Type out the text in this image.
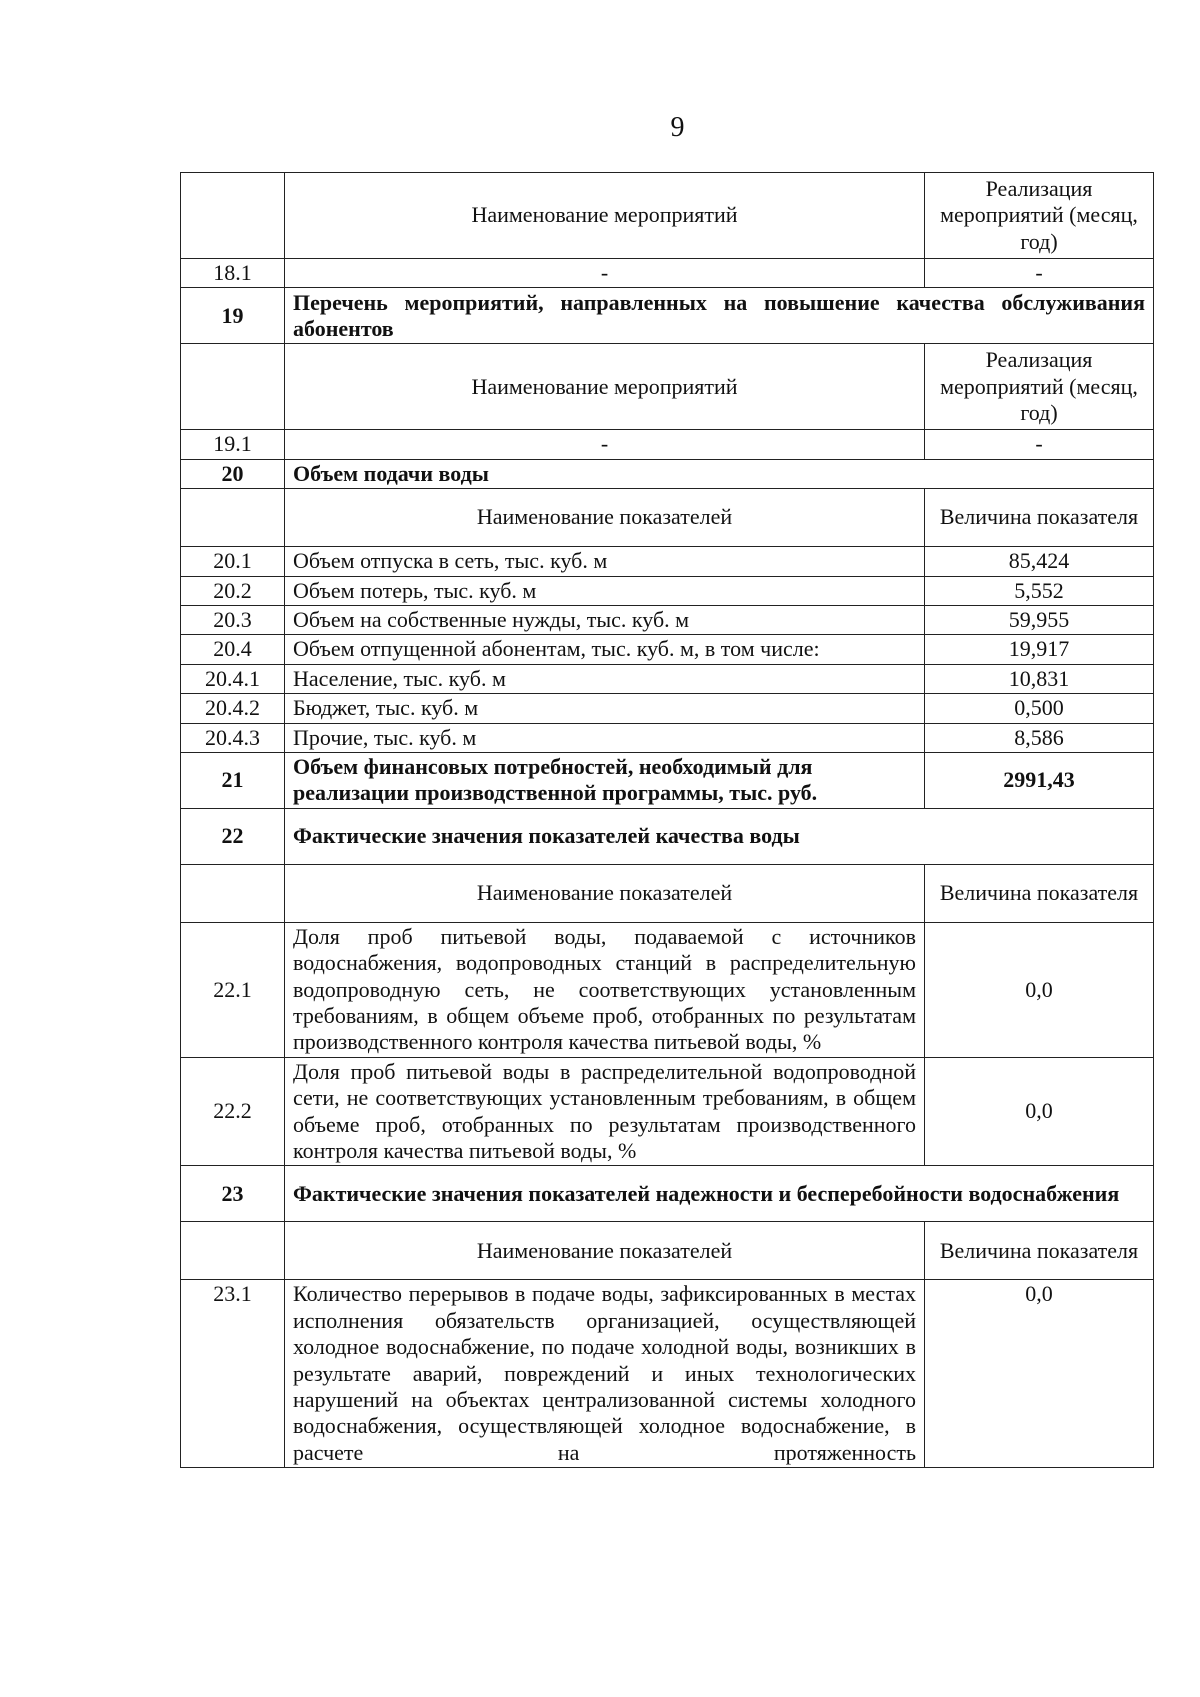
9
	Наименование мероприятий	Реализация мероприятий (месяц, год)
18.1	-	-
19	Перечень мероприятий, направленных на повышение качества обслуживания абонентов	
	Наименование мероприятий	Реализация мероприятий (месяц, год)
19.1	-	-
20	Объем подачи воды	
	Наименование показателей	Величина показателя
20.1	Объем отпуска в сеть, тыс. куб. м	85,424
20.2	Объем потерь, тыс. куб. м	5,552
20.3	Объем на собственные нужды, тыс. куб. м	59,955
20.4	Объем отпущенной абонентам, тыс. куб. м, в том числе:	19,917
20.4.1	Население, тыс. куб. м	10,831
20.4.2	Бюджет, тыс. куб. м	0,500
20.4.3	Прочие, тыс. куб. м	8,586
21	Объем финансовых потребностей, необходимый для реализации производственной программы, тыс. руб.	2991,43
22	Фактические значения показателей качества воды	
	Наименование показателей	Величина показателя
22.1	Доля проб питьевой воды, подаваемой с источников водоснабжения, водопроводных станций в распределительную водопроводную сеть, не соответствующих установленным требованиям, в общем объеме проб, отобранных по результатам производственного контроля качества питьевой воды, %	0,0
22.2	Доля проб питьевой воды в распределительной водопроводной сети, не соответствующих установленным требованиям, в общем объеме проб, отобранных по результатам производственного контроля качества питьевой воды, %	0,0
23	Фактические значения показателей надежности и бесперебойности водоснабжения	
	Наименование показателей	Величина показателя
23.1	Количество перерывов в подаче воды, зафиксированных в местах исполнения обязательств организацией, осуществляющей холодное водоснабжение, по подаче холодной воды, возникших в результате аварий, повреждений и иных технологических нарушений на объектах централизованной системы холодного водоснабжения, осуществляющей холодное водоснабжение, в расчете на протяженность	0,0
